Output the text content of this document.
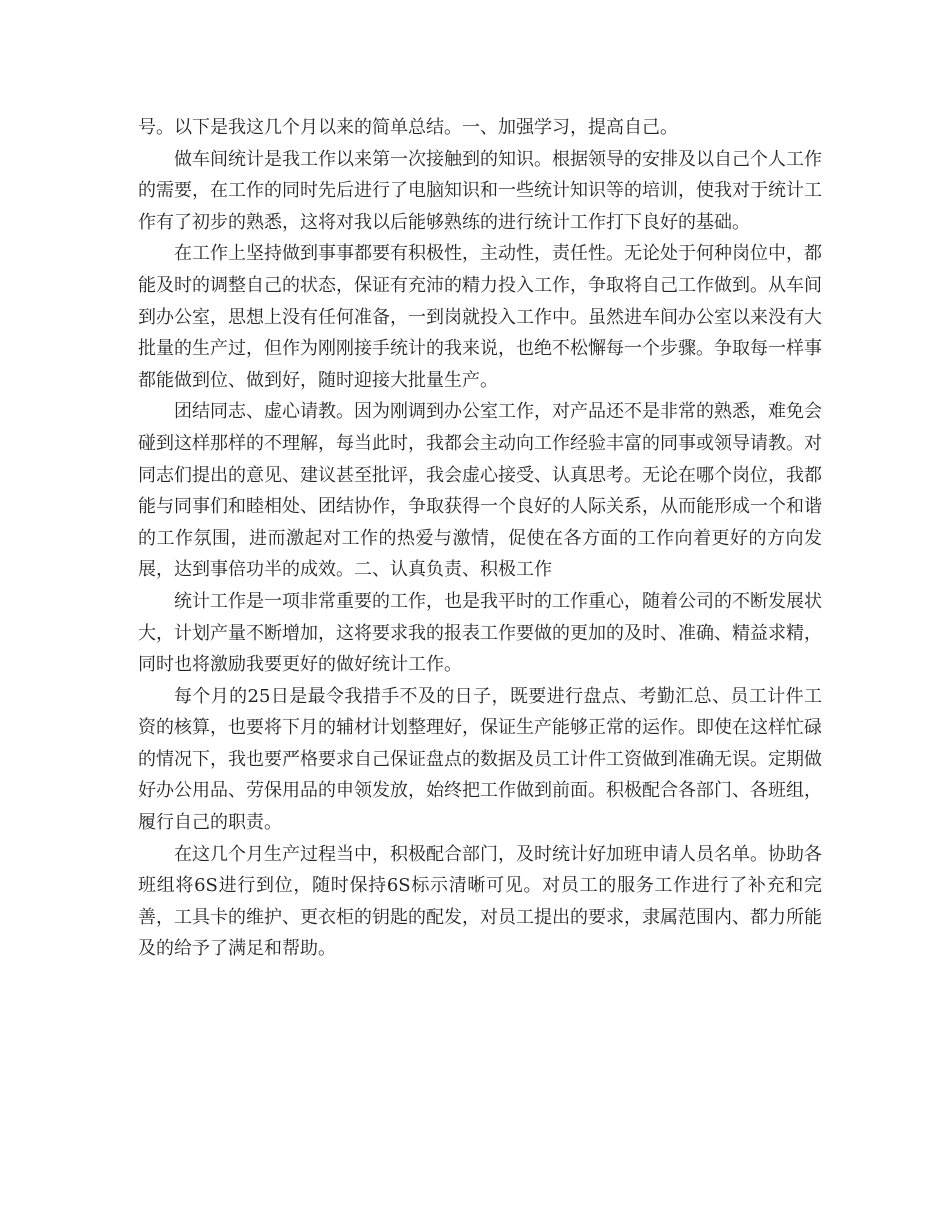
号。以下是我这几个月以来的简单总结。一、加强学习，提高自己。

做车间统计是我工作以来第一次接触到的知识。根据领导的安排及以自己个人工作的需要，在工作的同时先后进行了电脑知识和一些统计知识等的培训，使我对于统计工作有了初步的熟悉，这将对我以后能够熟练的进行统计工作打下良好的基础。

在工作上坚持做到事事都要有积极性，主动性，责任性。无论处于何种岗位中，都能及时的调整自己的状态，保证有充沛的精力投入工作，争取将自己工作做到。从车间到办公室，思想上没有任何准备，一到岗就投入工作中。虽然进车间办公室以来没有大批量的生产过，但作为刚刚接手统计的我来说，也绝不松懈每一个步骤。争取每一样事都能做到位、做到好，随时迎接大批量生产。

团结同志、虚心请教。因为刚调到办公室工作，对产品还不是非常的熟悉，难免会碰到这样那样的不理解，每当此时，我都会主动向工作经验丰富的同事或领导请教。对同志们提出的意见、建议甚至批评，我会虚心接受、认真思考。无论在哪个岗位，我都能与同事们和睦相处、团结协作，争取获得一个良好的人际关系，从而能形成一个和谐的工作氛围，进而激起对工作的热爱与激情，促使在各方面的工作向着更好的方向发展，达到事倍功半的成效。二、认真负责、积极工作

统计工作是一项非常重要的工作，也是我平时的工作重心，随着公司的不断发展状大，计划产量不断增加，这将要求我的报表工作要做的更加的及时、准确、精益求精，同时也将激励我要更好的做好统计工作。

每个月的25日是最令我措手不及的日子，既要进行盘点、考勤汇总、员工计件工资的核算，也要将下月的辅材计划整理好，保证生产能够正常的运作。即使在这样忙碌的情况下，我也要严格要求自己保证盘点的数据及员工计件工资做到准确无误。定期做好办公用品、劳保用品的申领发放，始终把工作做到前面。积极配合各部门、各班组，履行自己的职责。

在这几个月生产过程当中，积极配合部门，及时统计好加班申请人员名单。协助各班组将6S进行到位，随时保持6S标示清晰可见。对员工的服务工作进行了补充和完善，工具卡的维护、更衣柜的钥匙的配发，对员工提出的要求，隶属范围内、都力所能及的给予了满足和帮助。
